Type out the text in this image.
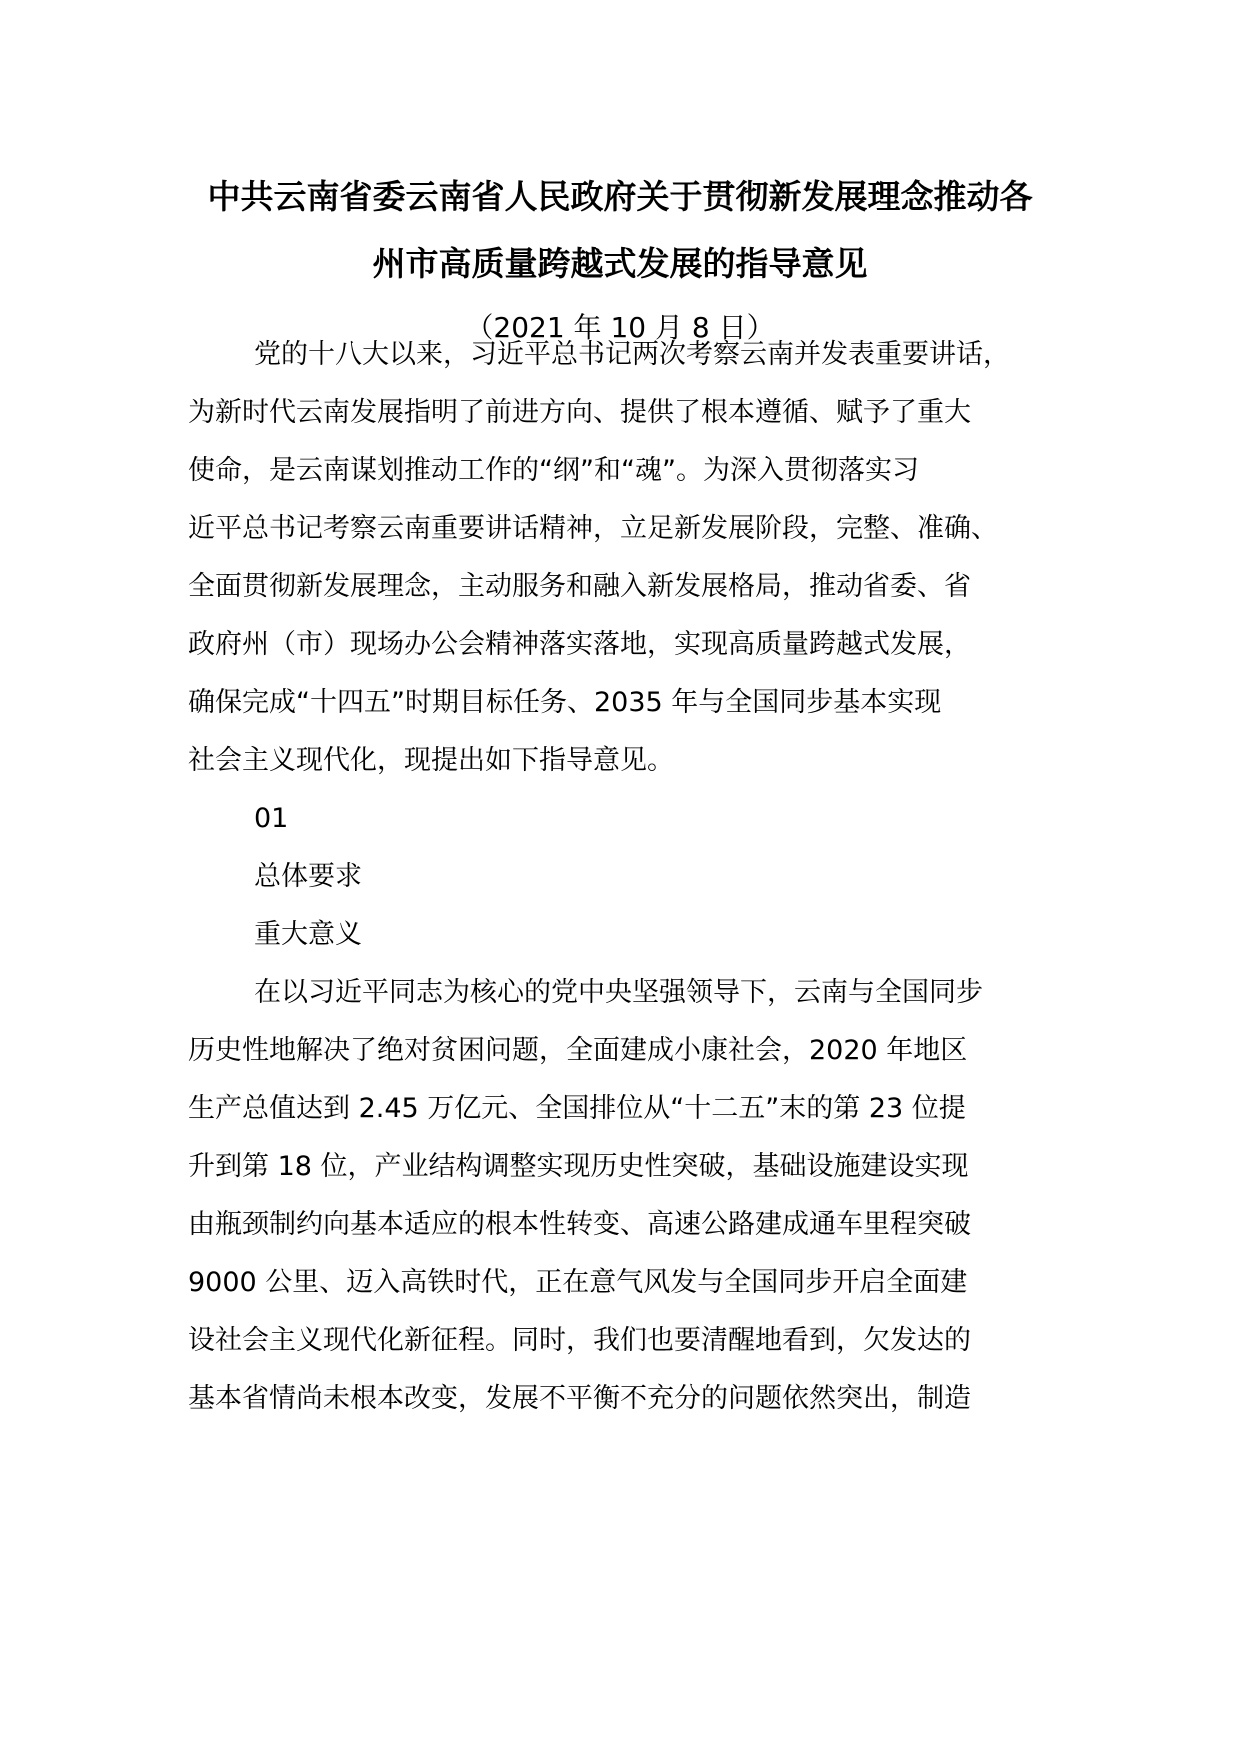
中共云南省委云南省人民政府关于贯彻新发展理念推动各

州市高质量跨越式发展的指导意见

（2021 年 10 月 8 日）

党的十八大以来，习近平总书记两次考察云南并发表重要讲话，

为新时代云南发展指明了前进方向、提供了根本遵循、赋予了重大

使命，是云南谋划推动工作的“纲”和“魂”。为深入贯彻落实习

近平总书记考察云南重要讲话精神，立足新发展阶段，完整、准确、

全面贯彻新发展理念，主动服务和融入新发展格局，推动省委、省

政府州（市）现场办公会精神落实落地，实现高质量跨越式发展，

确保完成“十四五”时期目标任务、2035 年与全国同步基本实现

社会主义现代化，现提出如下指导意见。

01

总体要求

重大意义

在以习近平同志为核心的党中央坚强领导下，云南与全国同步

历史性地解决了绝对贫困问题，全面建成小康社会，2020 年地区

生产总值达到 2.45 万亿元、全国排位从“十二五”末的第 23 位提

升到第 18 位，产业结构调整实现历史性突破，基础设施建设实现

由瓶颈制约向基本适应的根本性转变、高速公路建成通车里程突破

9000 公里、迈入高铁时代，正在意气风发与全国同步开启全面建

设社会主义现代化新征程。同时，我们也要清醒地看到，欠发达的

基本省情尚未根本改变，发展不平衡不充分的问题依然突出，制造
